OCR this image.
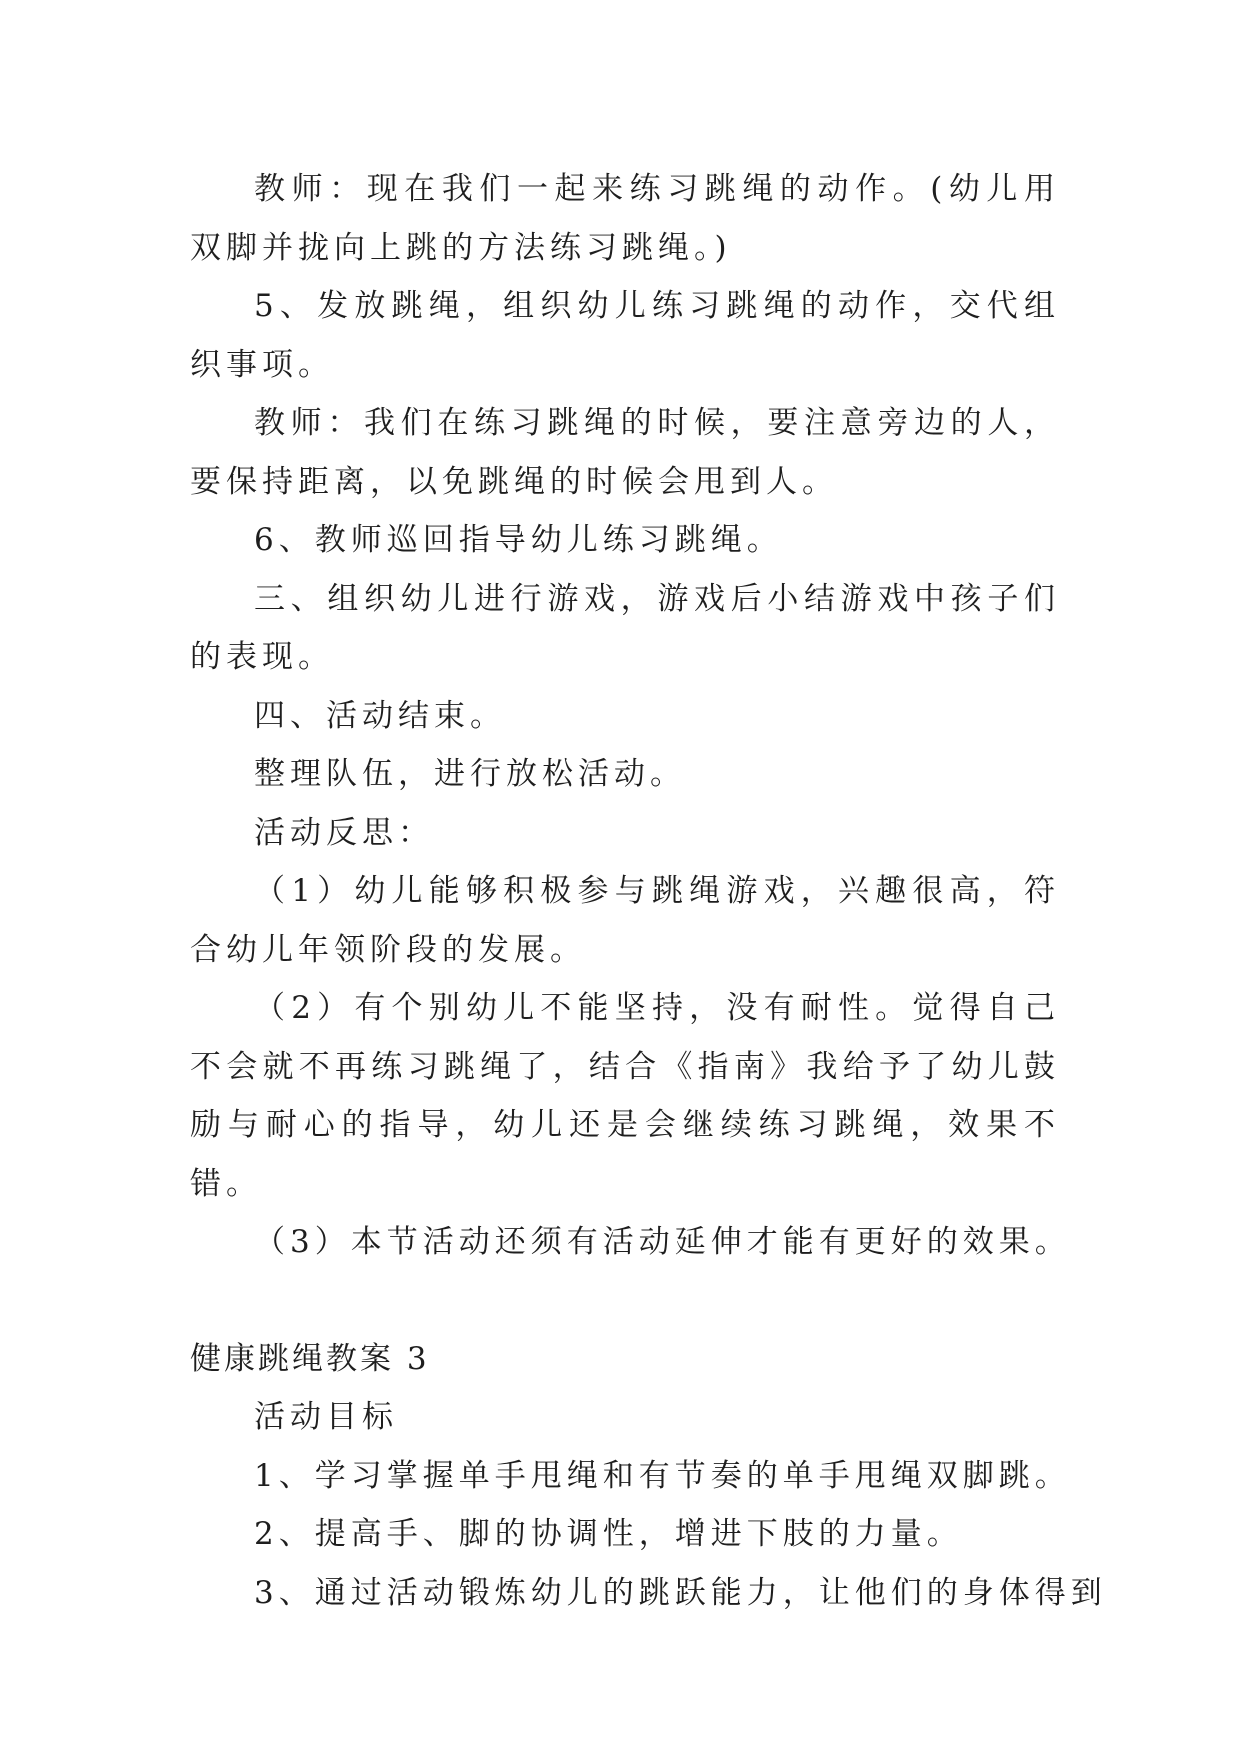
教师：现在我们一起来练习跳绳的动作。(幼儿用双脚并拢向上跳的方法练习跳绳。)

5、发放跳绳，组织幼儿练习跳绳的动作，交代组织事项。

教师：我们在练习跳绳的时候，要注意旁边的人，要保持距离，以免跳绳的时候会甩到人。

6、教师巡回指导幼儿练习跳绳。

三、组织幼儿进行游戏，游戏后小结游戏中孩子们的表现。

四、活动结束。

整理队伍，进行放松活动。

活动反思：

（1）幼儿能够积极参与跳绳游戏，兴趣很高，符合幼儿年领阶段的发展。

（2）有个别幼儿不能坚持，没有耐性。觉得自己不会就不再练习跳绳了，结合《指南》我给予了幼儿鼓励与耐心的指导，幼儿还是会继续练习跳绳，效果不错。

（3）本节活动还须有活动延伸才能有更好的效果。

健康跳绳教案 3

活动目标

1、学习掌握单手甩绳和有节奏的单手甩绳双脚跳。

2、提高手、脚的协调性，增进下肢的力量。

3、通过活动锻炼幼儿的跳跃能力，让他们的身体得到
